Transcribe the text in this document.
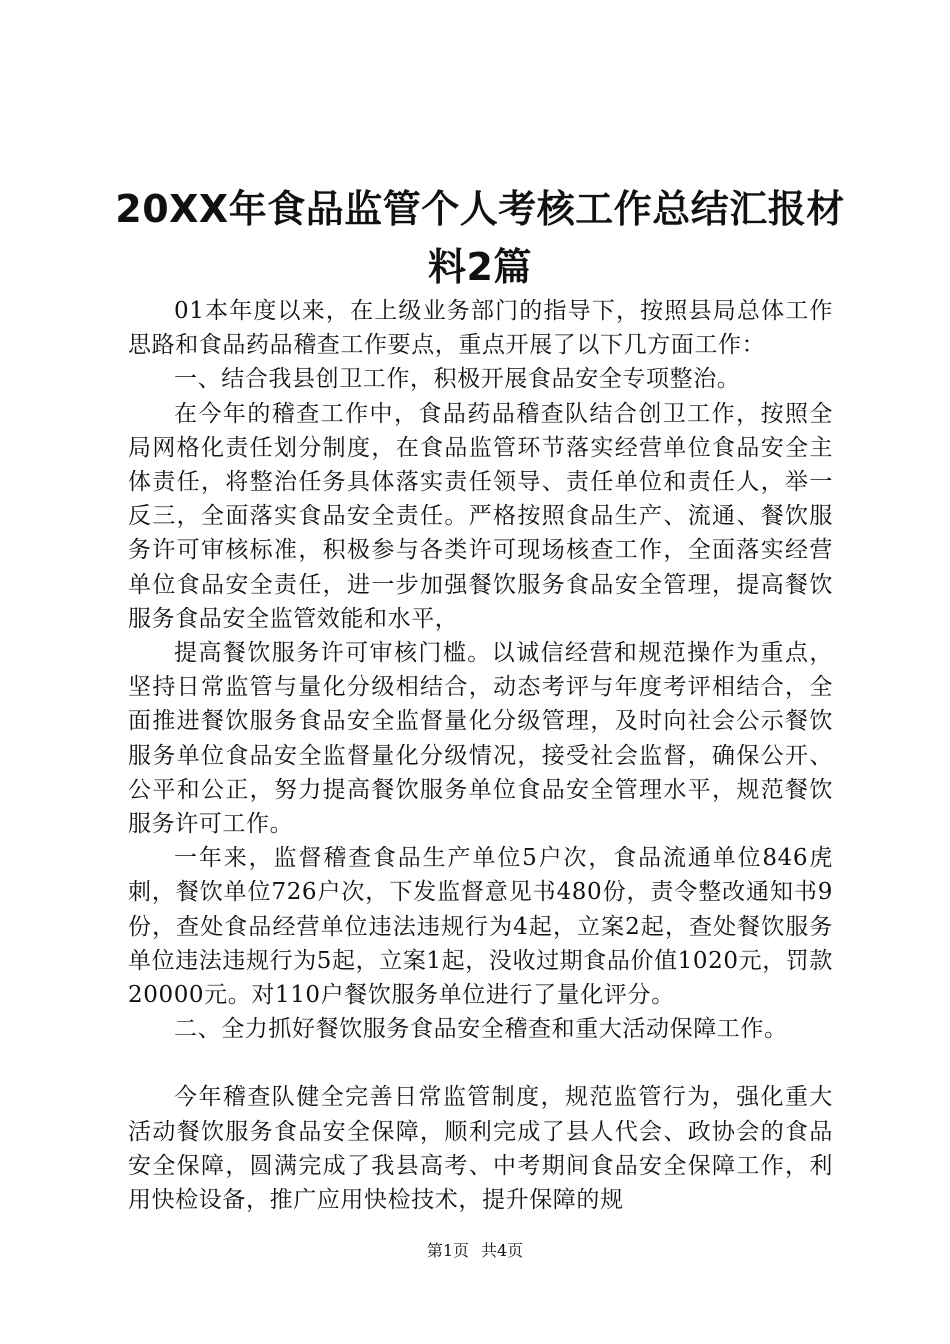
20XX年食品监管个人考核工作总结汇报材料2篇

01本年度以来，在上级业务部门的指导下，按照县局总体工作思路和食品药品稽查工作要点，重点开展了以下几方面工作：

一、结合我县创卫工作，积极开展食品安全专项整治。

在今年的稽查工作中，食品药品稽查队结合创卫工作，按照全局网格化责任划分制度，在食品监管环节落实经营单位食品安全主体责任，将整治任务具体落实责任领导、责任单位和责任人，举一反三，全面落实食品安全责任。严格按照食品生产、流通、餐饮服务许可审核标准，积极参与各类许可现场核查工作，全面落实经营单位食品安全责任，进一步加强餐饮服务食品安全管理，提高餐饮服务食品安全监管效能和水平，

提高餐饮服务许可审核门槛。以诚信经营和规范操作为重点，坚持日常监管与量化分级相结合，动态考评与年度考评相结合，全面推进餐饮服务食品安全监督量化分级管理，及时向社会公示餐饮服务单位食品安全监督量化分级情况，接受社会监督，确保公开、公平和公正，努力提高餐饮服务单位食品安全管理水平，规范餐饮服务许可工作。

一年来，监督稽查食品生产单位5户次，食品流通单位846虎刺，餐饮单位726户次，下发监督意见书480份，责令整改通知书9份，查处食品经营单位违法违规行为4起，立案2起，查处餐饮服务单位违法违规行为5起，立案1起，没收过期食品价值1020元，罚款20000元。对110户餐饮服务单位进行了量化评分。

二、全力抓好餐饮服务食品安全稽查和重大活动保障工作。

今年稽查队健全完善日常监管制度，规范监管行为，强化重大活动餐饮服务食品安全保障，顺利完成了县人代会、政协会的食品安全保障，圆满完成了我县高考、中考期间食品安全保障工作，利用快检设备，推广应用快检技术，提升保障的规

第1页 共4页
